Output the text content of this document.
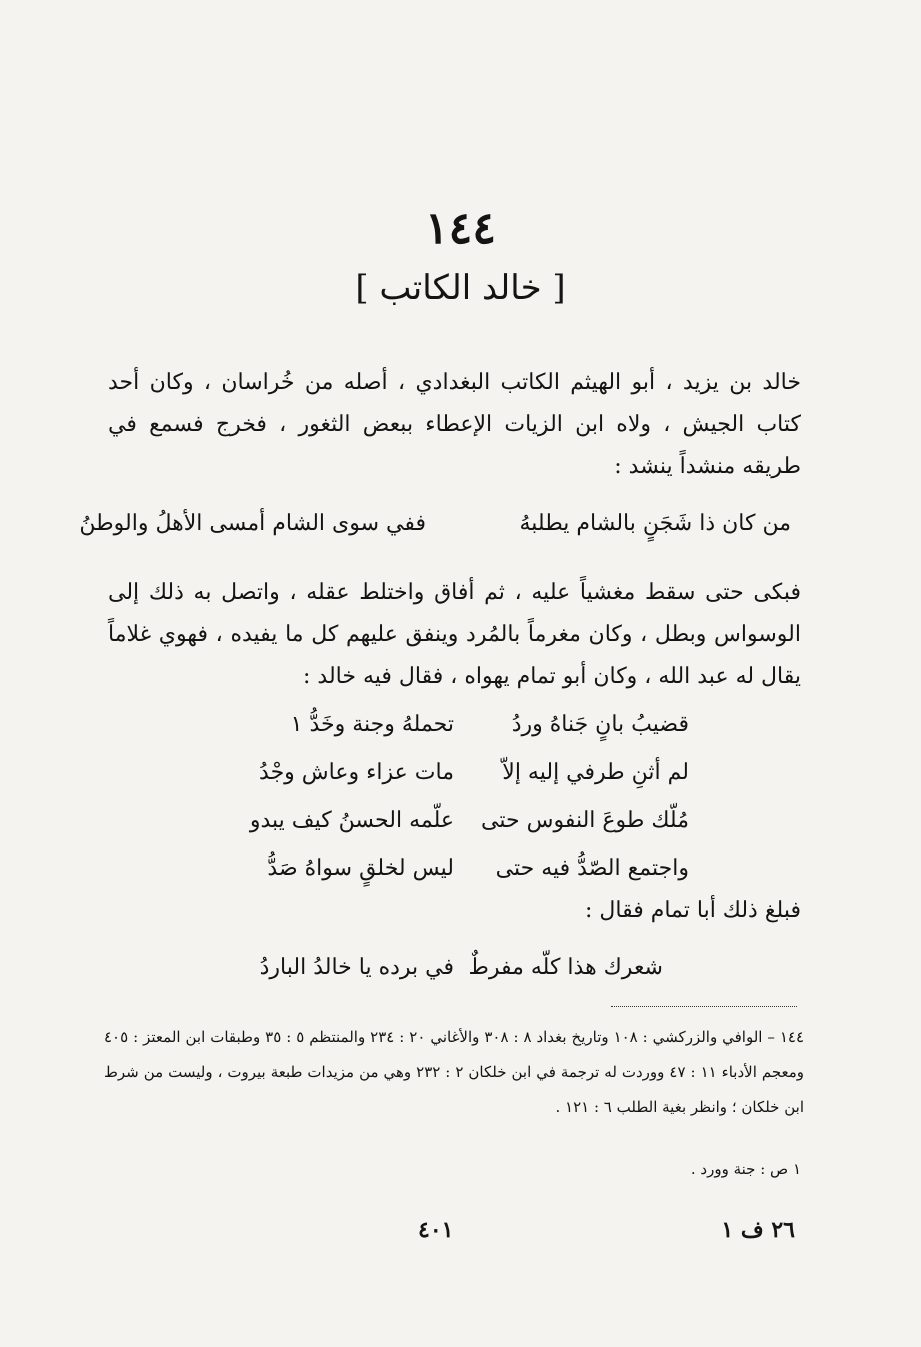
١٤٤
[ خالد الكاتب ]
خالد بن يزيد ، أبو الهيثم الكاتب البغدادي ، أصله من خُراسان ، وكان أحد كتاب الجيش ، ولاه ابن الزيات الإعطاء ببعض الثغور ، فخرج فسمع في طريقه منشداً ينشد :
من كان ذا شَجَنٍ بالشام يطلبهُ
ففي سوى الشام أمسى الأهلُ والوطنُ
فبكى حتى سقط مغشياً عليه ، ثم أفاق واختلط عقله ، واتصل به ذلك إلى الوسواس وبطل ، وكان مغرماً بالمُرد وينفق عليهم كل ما يفيده ، فهوي غلاماً يقال له عبد الله ، وكان أبو تمام يهواه ، فقال فيه خالد :
قضيبُ بانٍ جَناهُ وردُ
تحملهُ وجنة وخَدُّ ١
لم أثنِ طرفي إليه إلاّ
مات عزاء وعاش وجْدُ
مُلّك طوعَ النفوس حتى
علّمه الحسنُ كيف يبدو
واجتمع الصّدُّ فيه حتى
ليس لخلقٍ سواهُ صَدُّ
فبلغ ذلك أبا تمام فقال :
شعرك هذا كلّه مفرطٌ
في برده يا خالدُ الباردُ
١٤٤ – الوافي والزركشي : ١٠٨ وتاريخ بغداد ٨ : ٣٠٨ والأغاني ٢٠ : ٢٣٤ والمنتظم ٥ : ٣٥ وطبقات ابن المعتز : ٤٠٥ ومعجم الأدباء ١١ : ٤٧ ووردت له ترجمة في ابن خلكان ٢ : ٢٣٢ وهي من مزيدات طبعة بيروت ، وليست من شرط ابن خلكان ؛ وانظر بغية الطلب ٦ : ١٢١ .
١ ص : جنة وورد .
٤٠١	٢٦ ف ١
